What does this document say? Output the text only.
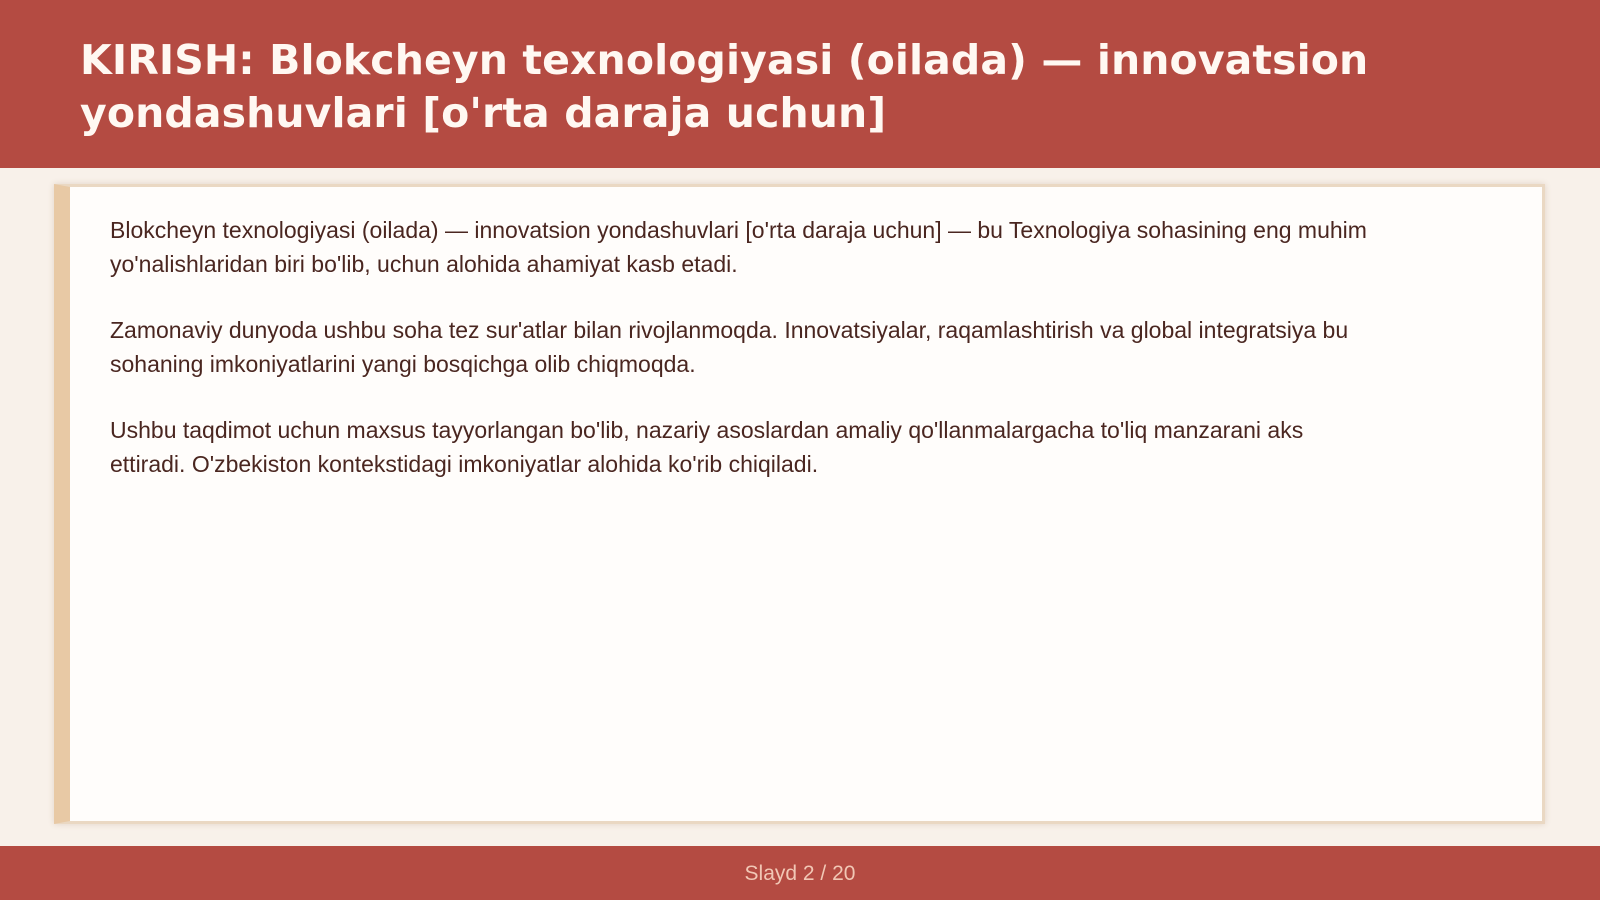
KIRISH: Blokcheyn texnologiyasi (oilada) — innovatsion
yondashuvlari [o'rta daraja uchun]

Blokcheyn texnologiyasi (oilada) — innovatsion yondashuvlari [o'rta daraja uchun] — bu Texnologiya sohasining eng muhim
yo'nalishlaridan biri bo'lib, uchun alohida ahamiyat kasb etadi.

Zamonaviy dunyoda ushbu soha tez sur'atlar bilan rivojlanmoqda. Innovatsiyalar, raqamlashtirish va global integratsiya bu
sohaning imkoniyatlarini yangi bosqichga olib chiqmoqda.

Ushbu taqdimot uchun maxsus tayyorlangan bo'lib, nazariy asoslardan amaliy qo'llanmalargacha to'liq manzarani aks
ettiradi. O'zbekiston kontekstidagi imkoniyatlar alohida ko'rib chiqiladi.

Slayd 2 / 20
